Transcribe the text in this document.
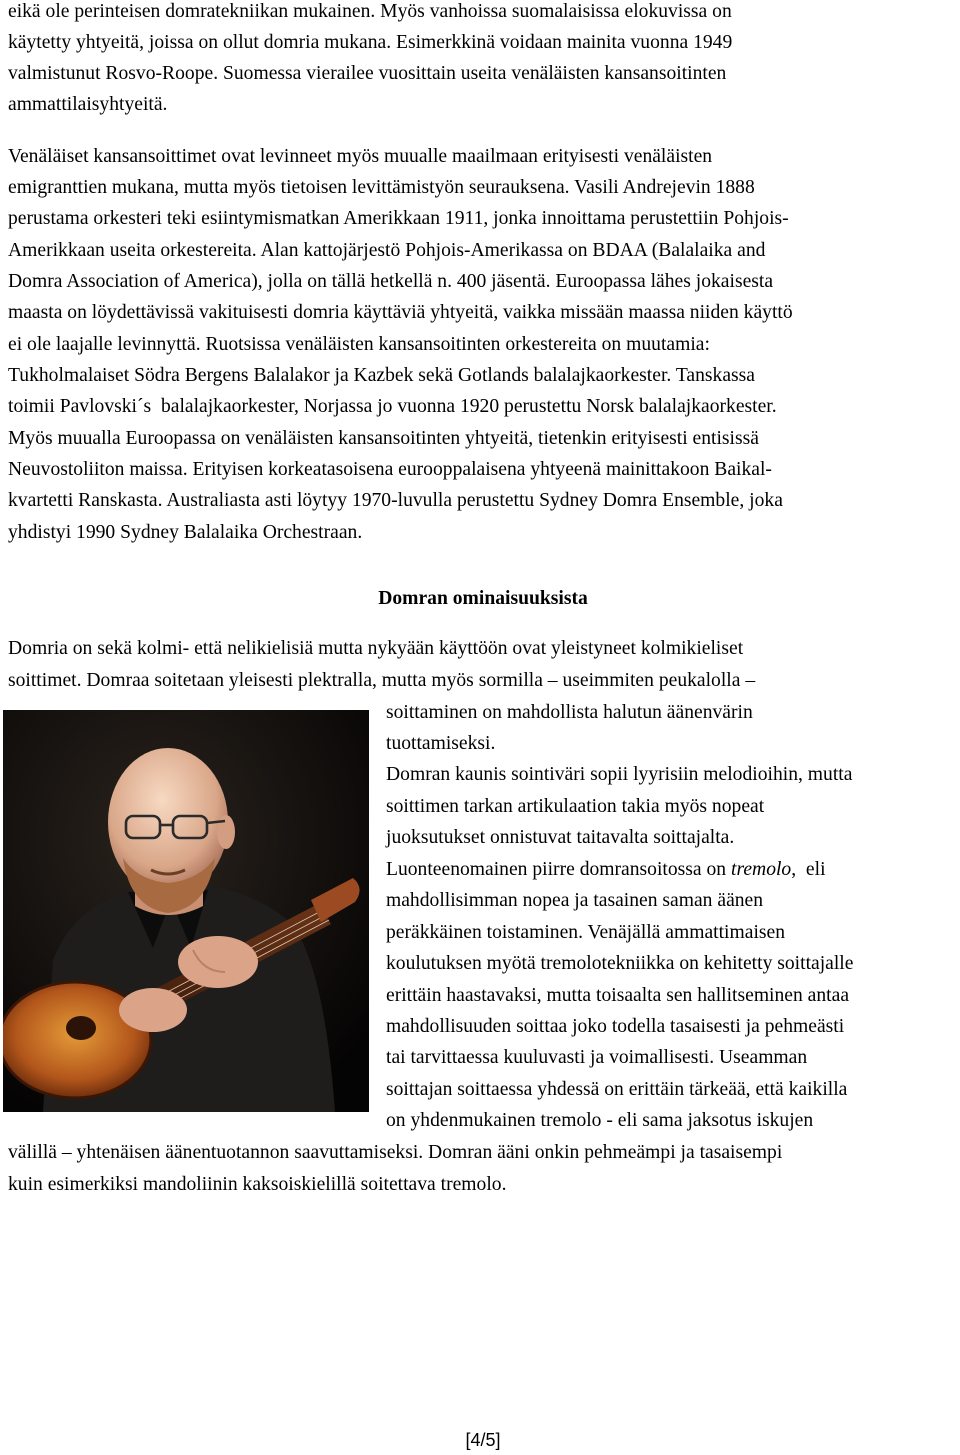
eikä ole perinteisen domratekniikan mukainen. Myös vanhoissa suomalaisissa elokuvissa on
käytetty yhtyeitä, joissa on ollut domria mukana. Esimerkkinä voidaan mainita vuonna 1949
valmistunut Rosvo-Roope. Suomessa vierailee vuosittain useita venäläisten kansansoitinten
ammattilaisyhtyeitä.
Venäläiset kansansoittimet ovat levinneet myös muualle maailmaan erityisesti venäläisten
emigranttien mukana, mutta myös tietoisen levittämistyön seurauksena. Vasili Andrejevin 1888
perustama orkesteri teki esiintymismatkan Amerikkaan 1911, jonka innoittama perustettiin Pohjois-
Amerikkaan useita orkestereita. Alan kattojärjestö Pohjois-Amerikassa on BDAA (Balalaika and
Domra Association of America), jolla on tällä hetkellä n. 400 jäsentä. Euroopassa lähes jokaisesta
maasta on löydettävissä vakituisesti domria käyttäviä yhtyeitä, vaikka missään maassa niiden käyttö
ei ole laajalle levinnyttä. Ruotsissa venäläisten kansansoitinten orkestereita on muutamia:
Tukholmalaiset Södra Bergens Balalakor ja Kazbek sekä Gotlands balalajkaorkester. Tanskassa
toimii Pavlovski´s  balalajkaorkester, Norjassa jo vuonna 1920 perustettu Norsk balalajkaorkester.
Myös muualla Euroopassa on venäläisten kansansoitinten yhtyeitä, tietenkin erityisesti entisissä
Neuvostoliiton maissa. Erityisen korkeatasoisena eurooppalaisena yhtyeenä mainittakoon Baikal-
kvartetti Ranskasta. Australiasta asti löytyy 1970-luvulla perustettu Sydney Domra Ensemble, joka
yhdistyi 1990 Sydney Balalaika Orchestraan.
Domran ominaisuuksista
Domria on sekä kolmi- että nelikielisiä mutta nykyään käyttöön ovat yleistyneet kolmikieliset
soittimet. Domraa soitetaan yleisesti plektralla, mutta myös sormilla – useimmiten peukalolla –
soittaminen on mahdollista halutun äänenvärin
tuottamiseksi.
Domran kaunis sointiväri sopii lyyrisiin melodioihin, mutta
soittimen tarkan artikulaation takia myös nopeat
juoksutukset onnistuvat taitavalta soittajalta.
Luonteenomainen piirre domransoitossa on tremolo,  eli
mahdollisimman nopea ja tasainen saman äänen
peräkkäinen toistaminen. Venäjällä ammattimaisen
koulutuksen myötä tremolotekniikka on kehitetty soittajalle
erittäin haastavaksi, mutta toisaalta sen hallitseminen antaa
mahdollisuuden soittaa joko todella tasaisesti ja pehmeästi
tai tarvittaessa kuuluvasti ja voimallisesti. Useamman
soittajan soittaessa yhdessä on erittäin tärkeää, että kaikilla
on yhdenmukainen tremolo - eli sama jaksotus iskujen
välillä – yhtenäisen äänentuotannon saavuttamiseksi. Domran ääni onkin pehmeämpi ja tasaisempi
kuin esimerkiksi mandoliinin kaksoiskielillä soitettava tremolo.
[4/5]
